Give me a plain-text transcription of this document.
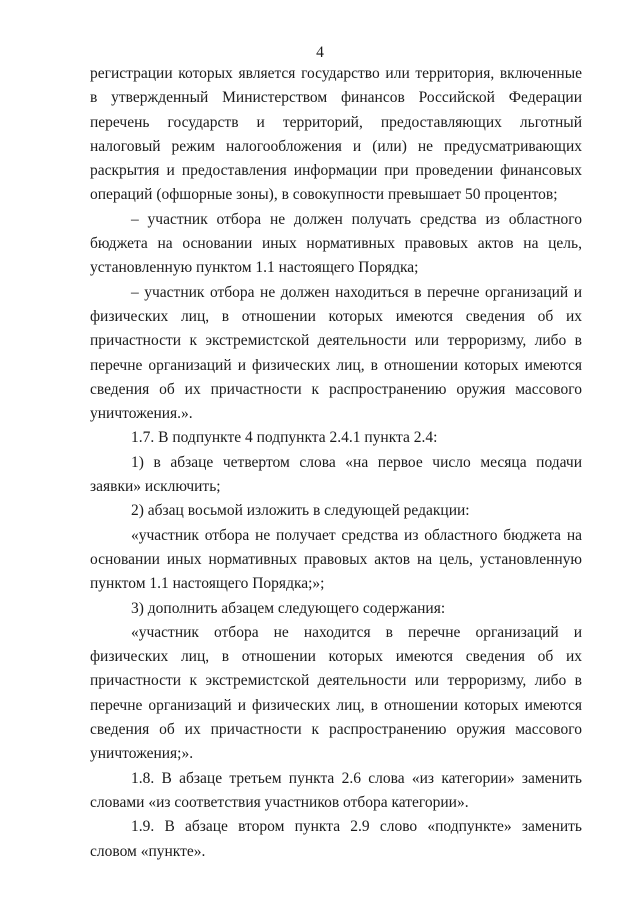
4

регистрации которых является государство или территория, включенные в утвержденный Министерством финансов Российской Федерации перечень государств и территорий, предоставляющих льготный налоговый режим налогообложения и (или) не предусматривающих раскрытия и предоставления информации при проведении финансовых операций (офшорные зоны), в совокупности превышает 50 процентов;

– участник отбора не должен получать средства из областного бюджета на основании иных нормативных правовых актов на цель, установленную пунктом 1.1 настоящего Порядка;

– участник отбора не должен находиться в перечне организаций и физических лиц, в отношении которых имеются сведения об их причастности к экстремистской деятельности или терроризму, либо в перечне организаций и физических лиц, в отношении которых имеются сведения об их причастности к распространению оружия массового уничтожения.».

1.7. В подпункте 4 подпункта 2.4.1 пункта 2.4:

1) в абзаце четвертом слова «на первое число месяца подачи заявки» исключить;

2) абзац восьмой изложить в следующей редакции:

«участник отбора не получает средства из областного бюджета на основании иных нормативных правовых актов на цель, установленную пунктом 1.1 настоящего Порядка;»;

3) дополнить абзацем следующего содержания:

«участник отбора не находится в перечне организаций и физических лиц, в отношении которых имеются сведения об их причастности к экстремистской деятельности или терроризму, либо в перечне организаций и физических лиц, в отношении которых имеются сведения об их причастности к распространению оружия массового уничтожения;».

1.8. В абзаце третьем пункта 2.6 слова «из категории» заменить словами «из соответствия участников отбора категории».

1.9. В абзаце втором пункта 2.9 слово «подпункте» заменить словом «пункте».
